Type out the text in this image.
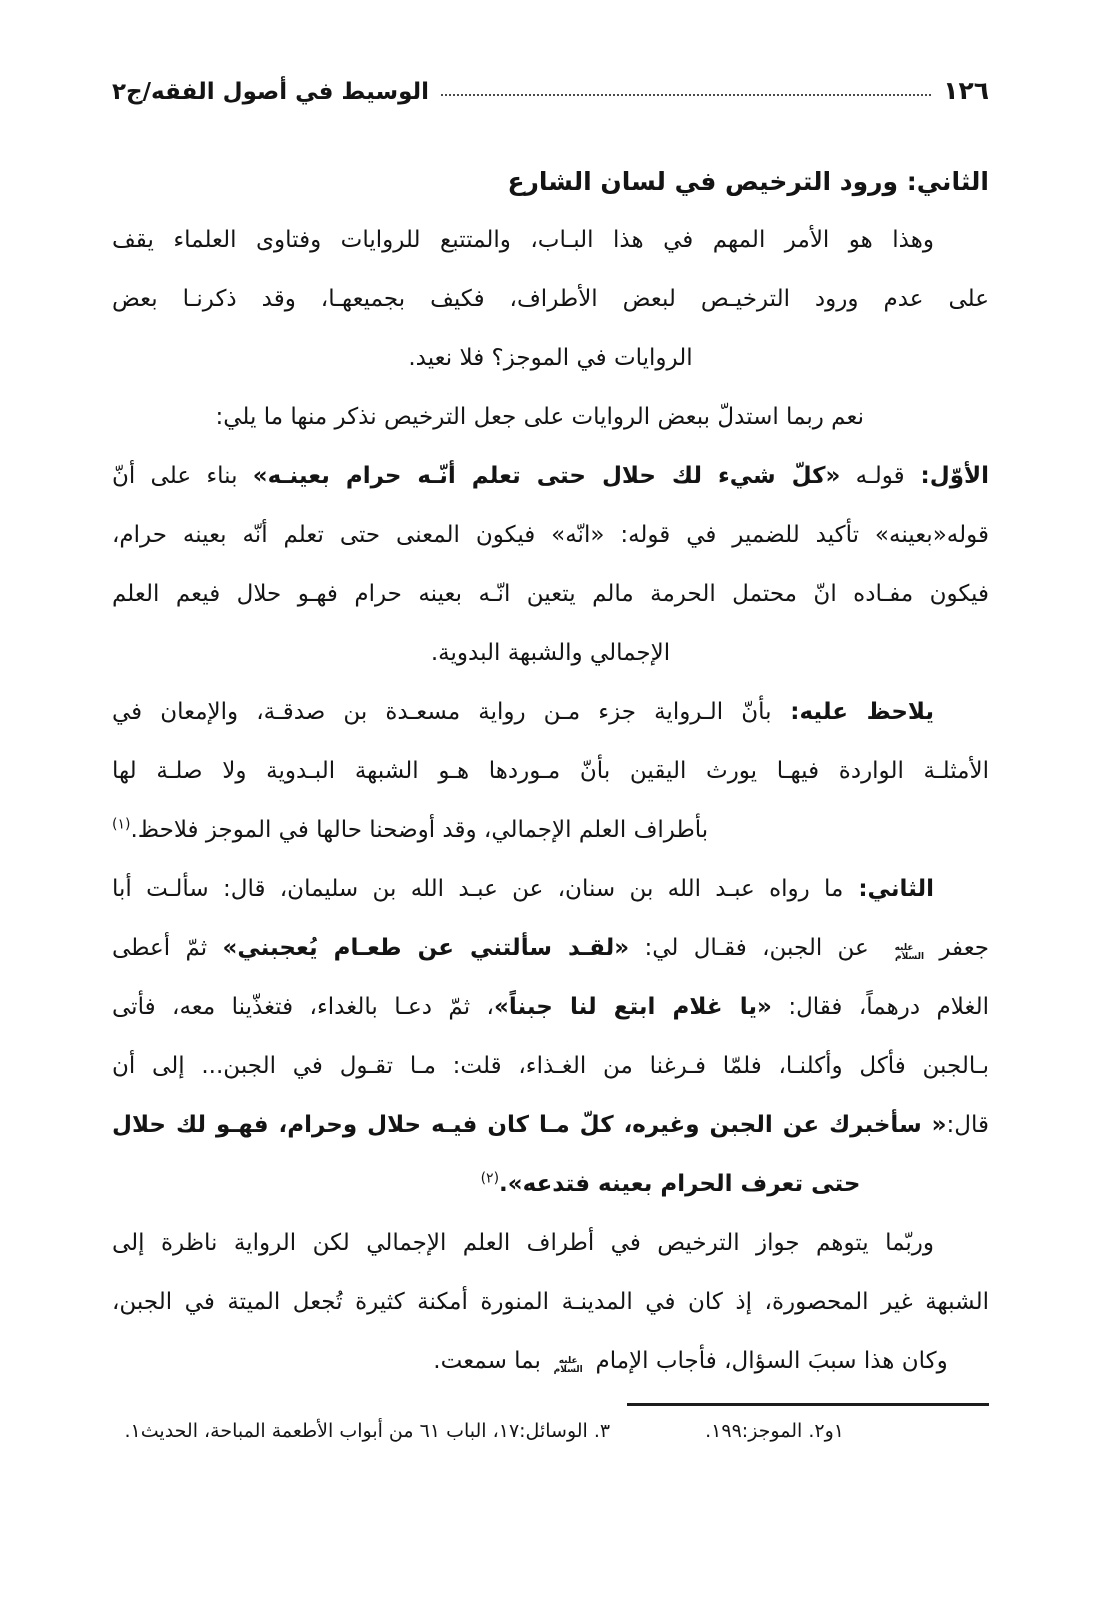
١٢٦
الوسيط في أصول الفقه/ج٢
الثاني: ورود الترخيص في لسان الشارع
وهذا هو الأمر المهم في هذا البـاب، والمتتبع للروايات وفتاوى العلماء يقف
على عدم ورود الترخيـص لبعض الأطراف، فكيف بجميعهـا، وقد ذكرنـا بعض
الروايات في الموجز؟ فلا نعيد.
نعم ربما استدلّ ببعض الروايات على جعل الترخيص نذكر منها ما يلي:
الأوّل: قولـه «كلّ شيء لك حلال حتى تعلم أنّـه حرام بعينـه» بناء على أنّ
قوله«بعينه» تأكيد للضمير في قوله: «انّه» فيكون المعنى حتى تعلم أنّه بعينه حرام،
فيكون مفـاده انّ محتمل الحرمة مالم يتعين انّـه بعينه حرام فهـو حلال فيعم العلم
الإجمالي والشبهة البدوية.
يلاحظ عليه: بأنّ الـرواية جزء مـن رواية مسعـدة بن صدقـة، والإمعان في
الأمثلـة الواردة فيهـا يورث اليقين بأنّ مـوردها هـو الشبهة البـدوية ولا صلـة لها
بأطراف العلم الإجمالي، وقد أوضحنا حالها في الموجز فلاحظ.$^{(١)}$
الثاني: ما رواه عبـد الله بن سنان، عن عبـد الله بن سليمان، قال: سألـت أبا
جعفر عليه السلام عن الجبن، فقـال لي: «لقـد سألتني عن طعـام يُعجبني» ثمّ أعطى
الغلام درهماً، فقال: «يا غلام ابتع لنا جبناً»، ثمّ دعـا بالغداء، فتغذّينا معه، فأتى
بـالجبن فأكل وأكلنـا، فلمّا فـرغنا من الغـذاء، قلت: مـا تقـول في الجبن... إلى أن
قال:« سأخبرك عن الجبن وغيره، كلّ مـا كان فيـه حلال وحرام، فهـو لك حلال
حتى تعرف الحرام بعينه فتدعه».$^{(٢)}$
وربّما يتوهم جواز الترخيص في أطراف العلم الإجمالي لكن الرواية ناظرة إلى
الشبهة غير المحصورة، إذ كان في المدينـة المنورة أمكنة كثيرة تُجعل الميتة في الجبن،
وكان هذا سببَ السؤال، فأجاب الإمام عليه السلام بما سمعت.
١و٢. الموجز:١٩٩.
٣. الوسائل:١٧، الباب ٦١ من أبواب الأطعمة المباحة، الحديث١.
